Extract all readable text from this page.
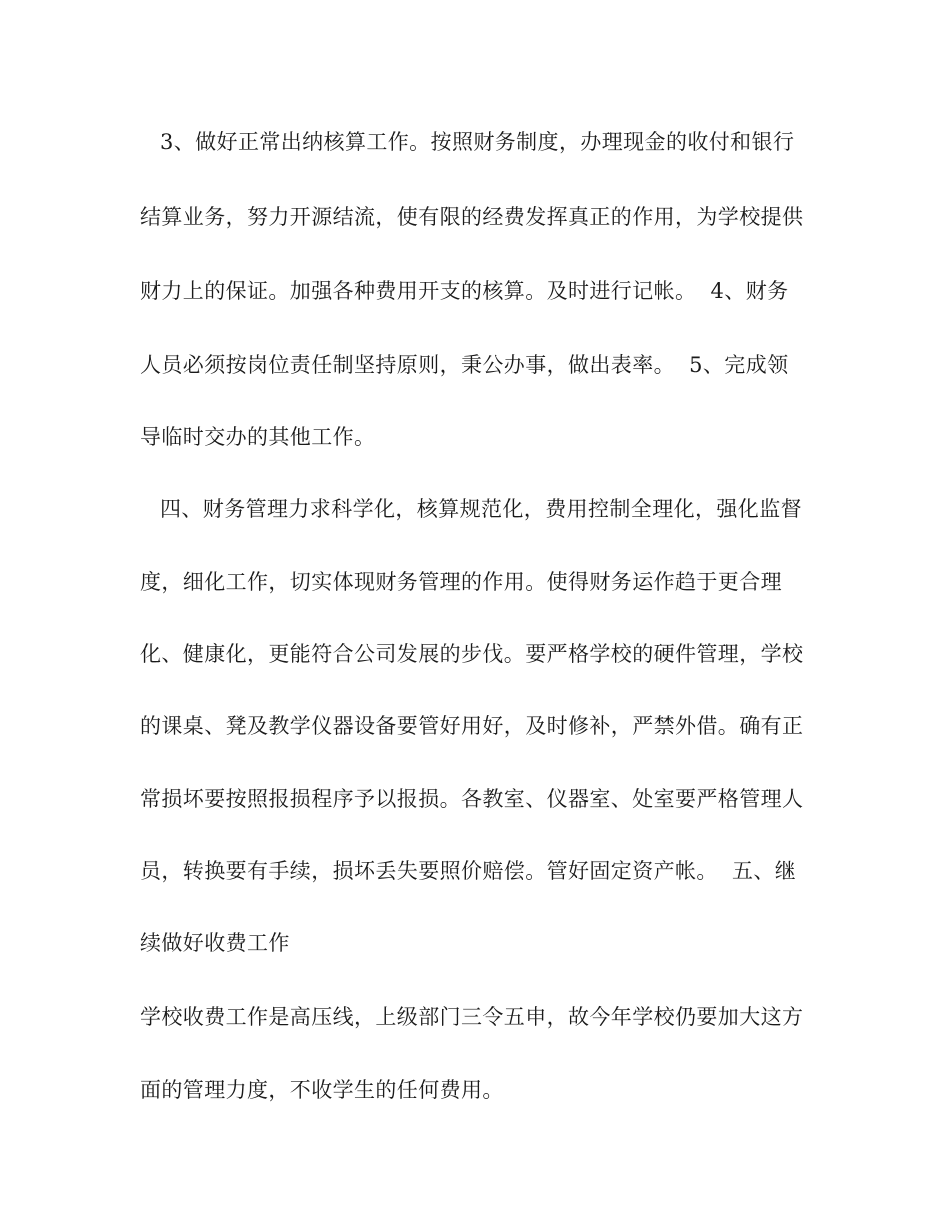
3、做好正常出纳核算工作。按照财务制度，办理现金的收付和银行

结算业务，努力开源结流，使有限的经费发挥真正的作用，为学校提供

财力上的保证。加强各种费用开支的核算。及时进行记帐。  4、财务

人员必须按岗位责任制坚持原则，秉公办事，做出表率。  5、完成领

导临时交办的其他工作。

四、财务管理力求科学化，核算规范化，费用控制全理化，强化监督

度，细化工作，切实体现财务管理的作用。使得财务运作趋于更合理

化、健康化，更能符合公司发展的步伐。要严格学校的硬件管理，学校

的课桌、凳及教学仪器设备要管好用好，及时修补，严禁外借。确有正

常损坏要按照报损程序予以报损。各教室、仪器室、处室要严格管理人

员，转换要有手续，损坏丢失要照价赔偿。管好固定资产帐。  五、继

续做好收费工作

学校收费工作是高压线，上级部门三令五申，故今年学校仍要加大这方

面的管理力度，不收学生的任何费用。
